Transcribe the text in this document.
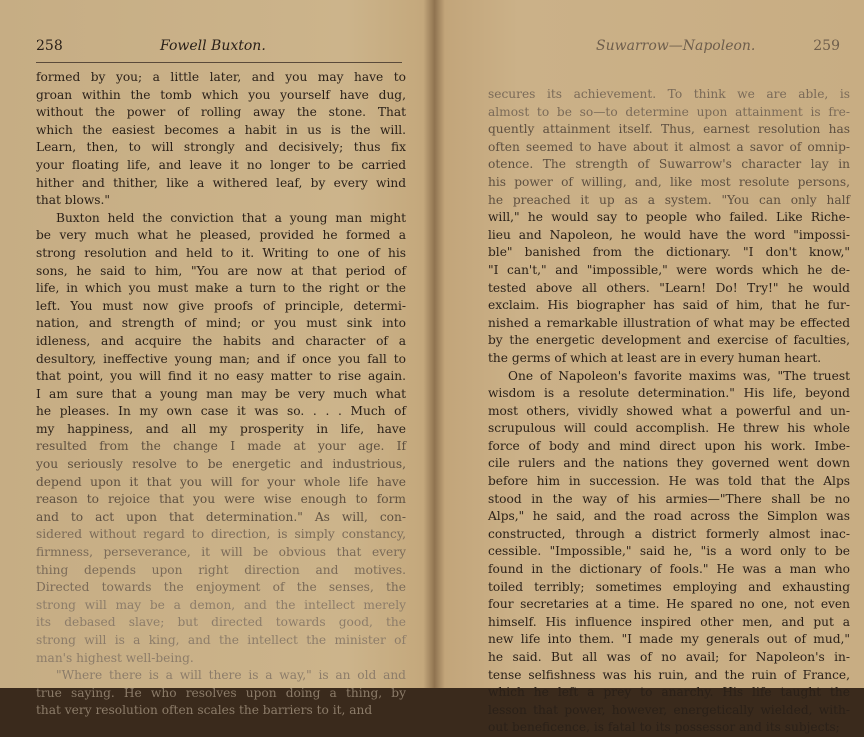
258	Fowell Buxton.
formed by you; a little later, and you may have to
groan within the tomb which you yourself have dug,
without the power of rolling away the stone. That
which the easiest becomes a habit in us is the will.
Learn, then, to will strongly and decisively; thus fix
your floating life, and leave it no longer to be carried
hither and thither, like a withered leaf, by every wind
that blows."
Buxton held the conviction that a young man might
be very much what he pleased, provided he formed a
strong resolution and held to it. Writing to one of his
sons, he said to him, "You are now at that period of
life, in which you must make a turn to the right or the
left. You must now give proofs of principle, determi-
nation, and strength of mind; or you must sink into
idleness, and acquire the habits and character of a
desultory, ineffective young man; and if once you fall to
that point, you will find it no easy matter to rise again.
I am sure that a young man may be very much what
he pleases. In my own case it was so. . . . Much of
my happiness, and all my prosperity in life, have
resulted from the change I made at your age. If
you seriously resolve to be energetic and industrious,
depend upon it that you will for your whole life have
reason to rejoice that you were wise enough to form
and to act upon that determination." As will, con-
sidered without regard to direction, is simply constancy,
firmness, perseverance, it will be obvious that every
thing depends upon right direction and motives.
Directed towards the enjoyment of the senses, the
strong will may be a demon, and the intellect merely
its debased slave; but directed towards good, the
strong will is a king, and the intellect the minister of
man's highest well-being.
"Where there is a will there is a way," is an old and
true saying. He who resolves upon doing a thing, by
that very resolution often scales the barriers to it, and
Suwarrow—Napoleon.	259
secures its achievement. To think we are able, is
almost to be so—to determine upon attainment is fre-
quently attainment itself. Thus, earnest resolution has
often seemed to have about it almost a savor of omnip-
otence. The strength of Suwarrow's character lay in
his power of willing, and, like most resolute persons,
he preached it up as a system. "You can only half
will," he would say to people who failed. Like Riche-
lieu and Napoleon, he would have the word "impossi-
ble" banished from the dictionary. "I don't know,"
"I can't," and "impossible," were words which he de-
tested above all others. "Learn! Do! Try!" he would
exclaim. His biographer has said of him, that he fur-
nished a remarkable illustration of what may be effected
by the energetic development and exercise of faculties,
the germs of which at least are in every human heart.
One of Napoleon's favorite maxims was, "The truest
wisdom is a resolute determination." His life, beyond
most others, vividly showed what a powerful and un-
scrupulous will could accomplish. He threw his whole
force of body and mind direct upon his work. Imbe-
cile rulers and the nations they governed went down
before him in succession. He was told that the Alps
stood in the way of his armies—"There shall be no
Alps," he said, and the road across the Simplon was
constructed, through a district formerly almost inac-
cessible. "Impossible," said he, "is a word only to be
found in the dictionary of fools." He was a man who
toiled terribly; sometimes employing and exhausting
four secretaries at a time. He spared no one, not even
himself. His influence inspired other men, and put a
new life into them. "I made my generals out of mud,"
he said. But all was of no avail; for Napoleon's in-
tense selfishness was his ruin, and the ruin of France,
which he left a prey to anarchy. His life taught the
lesson that power, however, energetically wielded, with-
out beneficence, is fatal to its possessor and its subjects;
